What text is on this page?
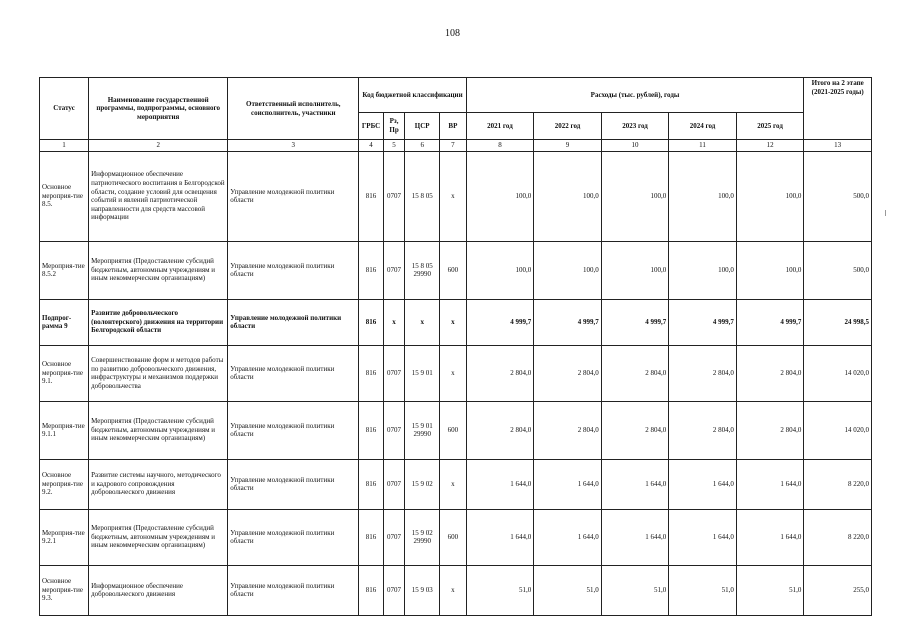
108
Статус	Наименование государственной программы, подпрограммы, основного мероприятия	Ответственный исполнитель, соисполнитель, участники	Код бюджетной классификации				Расходы (тыс. рублей), годы					Итого на 2 этапе (2021-2025 годы)
			ГРБС	Рз, Пр	ЦСР	ВР	2021 год	2022 год	2023 год	2024 год	2025 год	
1	2	3	4	5	6	7	8	9	10	11	12	13
Основное мероприя-тие 8.5.	Информационное обеспечение патриотического воспитания в Белгородской области, создание условий для освещения событий и явлений патриотической направленности для средств массовой информации	Управление молодежной политики области	816	0707	15 8 05	x	100,0	100,0	100,0	100,0	100,0	500,0
Мероприя-тие 8.5.2	Мероприятия (Предоставление субсидий бюджетным, автономным учреждениям и иным некоммерческим организациям)	Управление молодежной политики области	816	0707	15 8 05 29990	600	100,0	100,0	100,0	100,0	100,0	500,0
Подпрог-рамма 9	Развитие добровольческого (волонтерского) движения на территории Белгородской области	Управление молодежной политики области	816	x	x	x	4 999,7	4 999,7	4 999,7	4 999,7	4 999,7	24 998,5
Основное мероприя-тие 9.1.	Совершенствование форм и методов работы по развитию добровольческого движения, инфраструктуры и механизмов поддержки добровольчества	Управление молодежной политики области	816	0707	15 9 01	x	2 804,0	2 804,0	2 804,0	2 804,0	2 804,0	14 020,0
Мероприя-тие 9.1.1	Мероприятия (Предоставление субсидий бюджетным, автономным учреждениям и иным некоммерческим организациям)	Управление молодежной политики области	816	0707	15 9 01 29990	600	2 804,0	2 804,0	2 804,0	2 804,0	2 804,0	14 020,0
Основное мероприя-тие 9.2.	Развитие системы научного, методического и кадрового сопровождения добровольческого движения	Управление молодежной политики области	816	0707	15 9 02	x	1 644,0	1 644,0	1 644,0	1 644,0	1 644,0	8 220,0
Мероприя-тие 9.2.1	Мероприятия (Предоставление субсидий бюджетным, автономным учреждениям и иным некоммерческим организациям)	Управление молодежной политики области	816	0707	15 9 02 29990	600	1 644,0	1 644,0	1 644,0	1 644,0	1 644,0	8 220,0
Основное мероприя-тие 9.3.	Информационное обеспечение добровольческого движения	Управление молодежной политики области	816	0707	15 9 03	x	51,0	51,0	51,0	51,0	51,0	255,0
